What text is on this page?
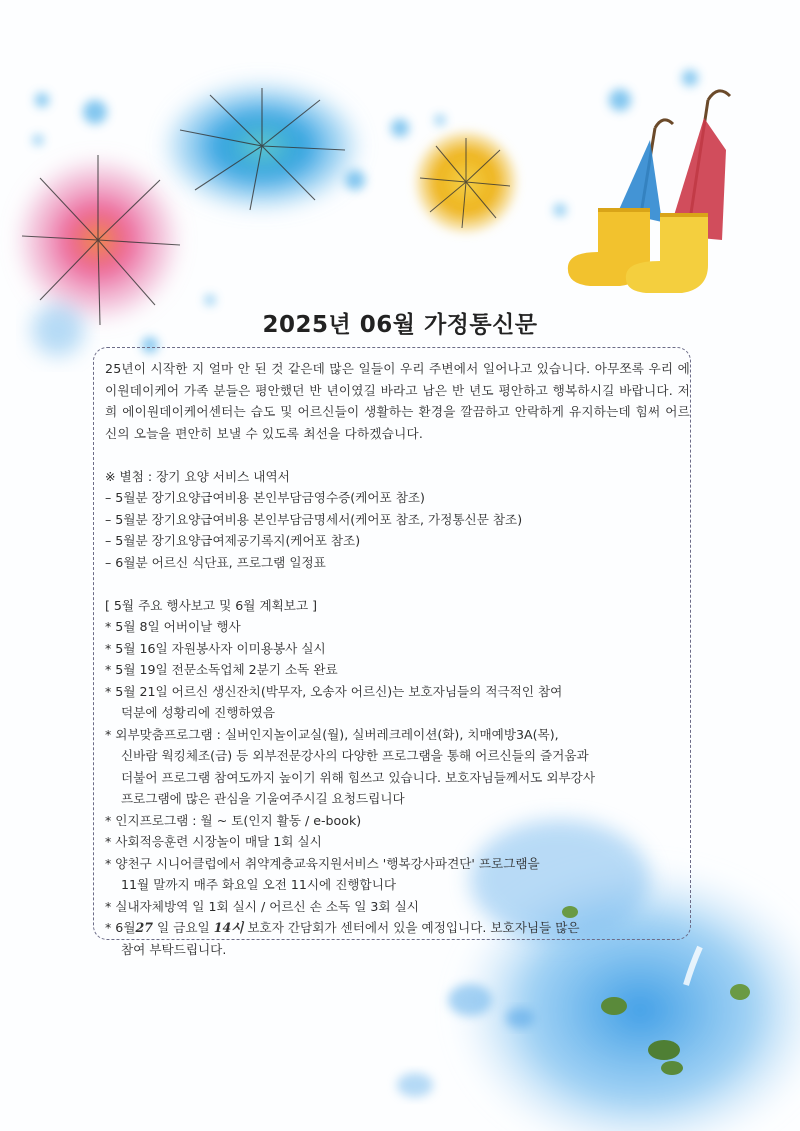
2025년 06월 가정통신문

25년이 시작한 지 얼마 안 된 것 같은데 많은 일들이 우리 주변에서 일어나고 있습니다. 아무쪼록 우리 에이원데이케어 가족 분들은 평안했던 반 년이였길 바라고 남은 반 년도 평안하고 행복하시길 바랍니다. 저희 에이원데이케어센터는 습도 및 어르신들이 생활하는 환경을 깔끔하고 안락하게 유지하는데 힘써 어르신의 오늘을 편안히 보낼 수 있도록 최선을 다하겠습니다.

※ 별첨 : 장기 요양 서비스 내역서
– 5월분 장기요양급여비용 본인부담금영수증(케어포 참조)
– 5월분 장기요양급여비용 본인부담금명세서(케어포 참조, 가정통신문 참조)
– 5월분 장기요양급여제공기록지(케어포 참조)
– 6월분 어르신 식단표, 프로그램 일정표
[ 5월 주요 행사보고 및 6월 계획보고 ]
* 5월 8일 어버이날 행사
* 5월 16일 자원봉사자 이미용봉사 실시
* 5월 19일 전문소독업체 2분기 소독 완료
* 5월 21일 어르신 생신잔치(박무자, 오송자 어르신)는 보호자님들의 적극적인 참여
덕분에 성황리에 진행하였음
* 외부맞춤프로그램 : 실버인지놀이교실(월), 실버레크레이션(화), 치매예방3A(목),
신바람 웍킹체조(금) 등 외부전문강사의 다양한 프로그램을 통해 어르신들의 즐거움과
더불어 프로그램 참여도까지 높이기 위해 힘쓰고 있습니다. 보호자님들께서도 외부강사
프로그램에 많은 관심을 기울여주시길 요청드립니다
* 인지프로그램 : 월 ~ 토(인지 활동 / e-book)
* 사회적응훈련 시장놀이 매달 1회 실시
* 양천구 시니어클럽에서 취약계층교육지원서비스 '행복강사파견단' 프로그램을
11월 말까지 매주 화요일 오전 11시에 진행합니다
* 실내자체방역 일 1회 실시 / 어르신 손 소독 일 3회 실시
* 6월27 일 금요일 14시 보호자 간담회가 센터에서 있을 예정입니다. 보호자님들 많은
참여 부탁드립니다.
